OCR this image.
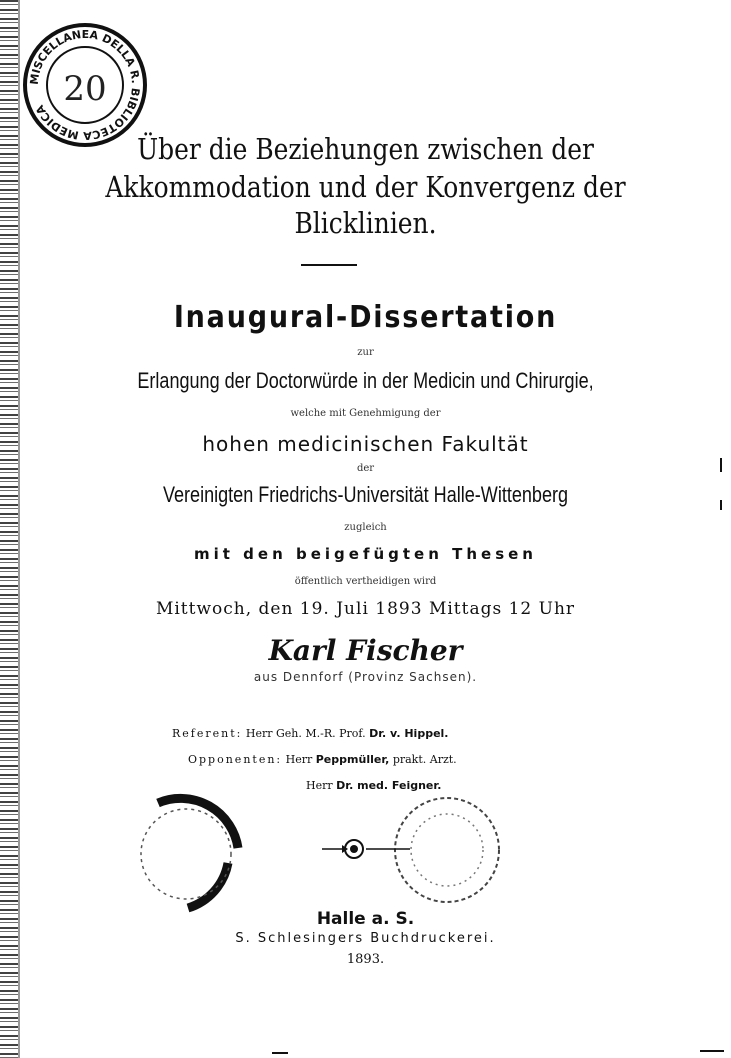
MISCELLANEA DELLA R. BIBLIOTECA MEDICA
20
Über die Beziehungen zwischen der
Akkommodation und der Konvergenz der
Blicklinien.
Inaugural-Dissertation
zur
Erlangung der Doctorwürde in der Medicin und Chirurgie,
welche mit Genehmigung der
hohen medicinischen Fakultät
der
Vereinigten Friedrichs-Universität Halle-Wittenberg
zugleich
mit den beigefügten Thesen
öffentlich vertheidigen wird
Mittwoch, den 19. Juli 1893 Mittags 12 Uhr
Karl Fischer
aus Dennforf (Provinz Sachsen).
Referent: Herr Geh. M.-R. Prof. Dr. v. Hippel.
Opponenten: Herr Peppmüller, prakt. Arzt.
Herr Dr. med. Feigner.
Halle a. S.
S. Schlesingers Buchdruckerei.
1893.
